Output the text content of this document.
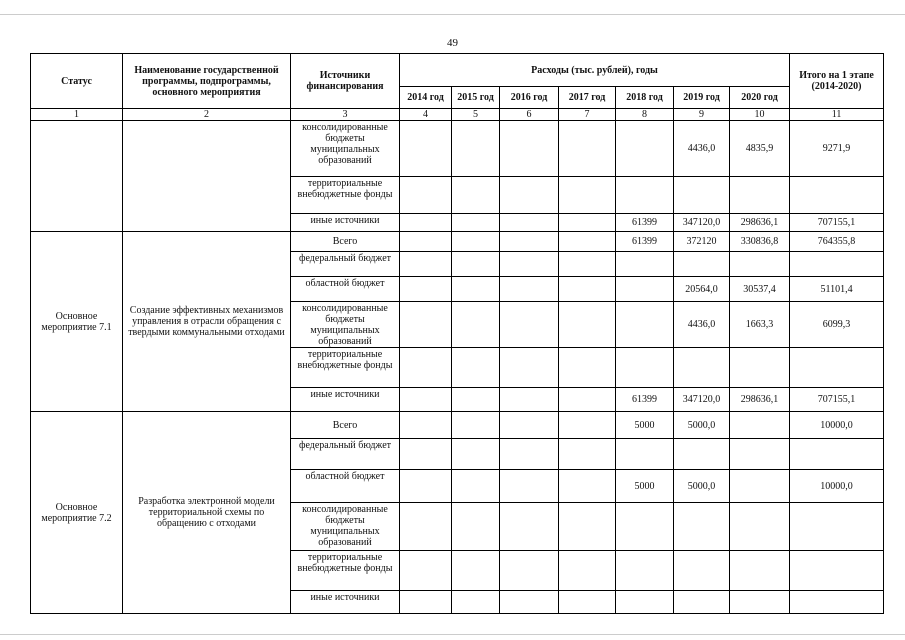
49
Статус	Наименование государственной программы, подпрограммы, основного мероприятия	Источники финансирования	Расходы (тыс. рублей), годы							Итого на 1 этапе (2014-2020)
			2014 год	2015 год	2016 год	2017 год	2018 год	2019 год	2020 год	
1	2	3	4	5	6	7	8	9	10	11
		консолидированные бюджеты муниципальных образований						4436,0	4835,9	9271,9
		территориальные внебюджетные фонды								
		иные источники					61399	347120,0	298636,1	707155,1
Основное мероприятие 7.1	Создание эффективных механизмов управления в отрасли обращения с твердыми коммунальными отходами	Всего					61399	372120	330836,8	764355,8
		федеральный бюджет								
		областной бюджет						20564,0	30537,4	51101,4
		консолидированные бюджеты муниципальных образований						4436,0	1663,3	6099,3
		территориальные внебюджетные фонды								
		иные источники					61399	347120,0	298636,1	707155,1
Основное мероприятие 7.2	Разработка электронной модели территориальной схемы по обращению с отходами	Всего					5000	5000,0		10000,0
		федеральный бюджет								
		областной бюджет					5000	5000,0		10000,0
		консолидированные бюджеты муниципальных образований								
		территориальные внебюджетные фонды								
		иные источники								
